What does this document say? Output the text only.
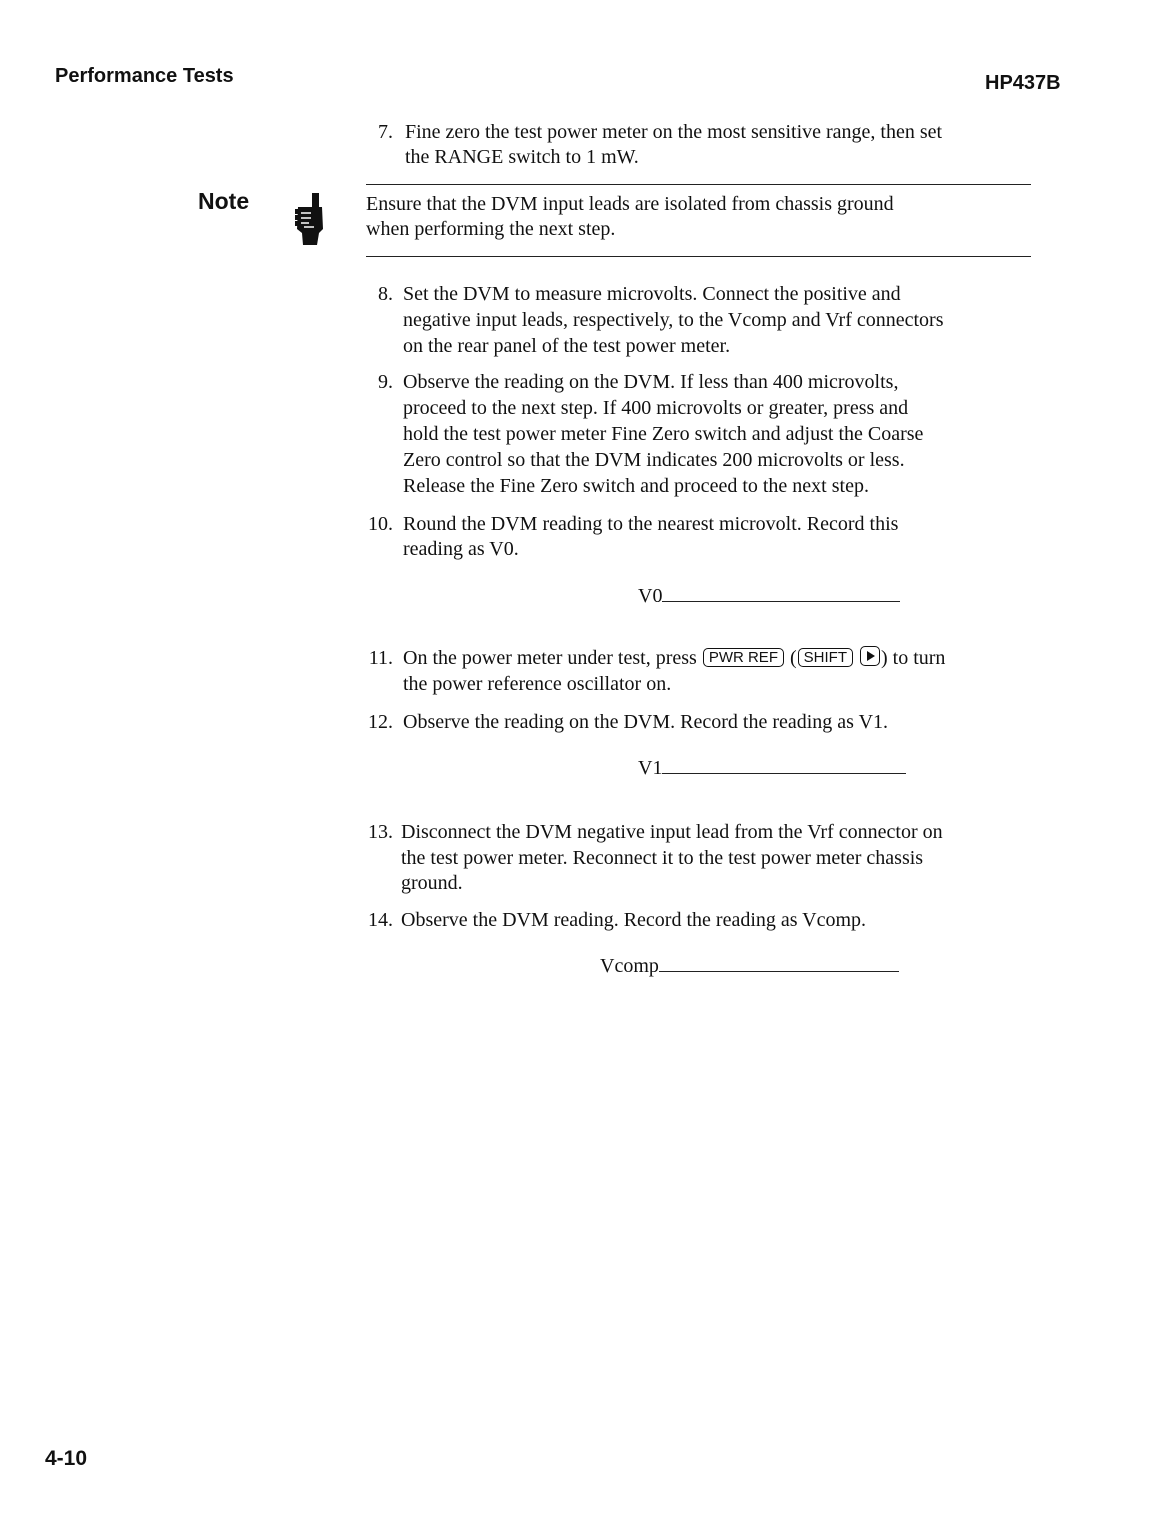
Performance Tests	HP437B
7. Fine zero the test power meter on the most sensitive range, then set
the RANGE switch to 1 mW.
Note	Ensure that the DVM input leads are isolated from chassis ground
when performing the next step.
8. Set the DVM to measure microvolts. Connect the positive and
negative input leads, respectively, to the Vcomp and Vrf connectors
on the rear panel of the test power meter.
9. Observe the reading on the DVM. If less than 400 microvolts,
proceed to the next step. If 400 microvolts or greater, press and
hold the test power meter Fine Zero switch and adjust the Coarse
Zero control so that the DVM indicates 200 microvolts or less.
Release the Fine Zero switch and proceed to the next step.
10. Round the DVM reading to the nearest microvolt. Record this
reading as V0.
V0
11. On the power meter under test, press PWR REF ( SHIFT ) to turn
the power reference oscillator on.
12. Observe the reading on the DVM. Record the reading as V1.
V1
13. Disconnect the DVM negative input lead from the Vrf connector on
the test power meter. Reconnect it to the test power meter chassis
ground.
14. Observe the DVM reading. Record the reading as Vcomp.
Vcomp
4-10
